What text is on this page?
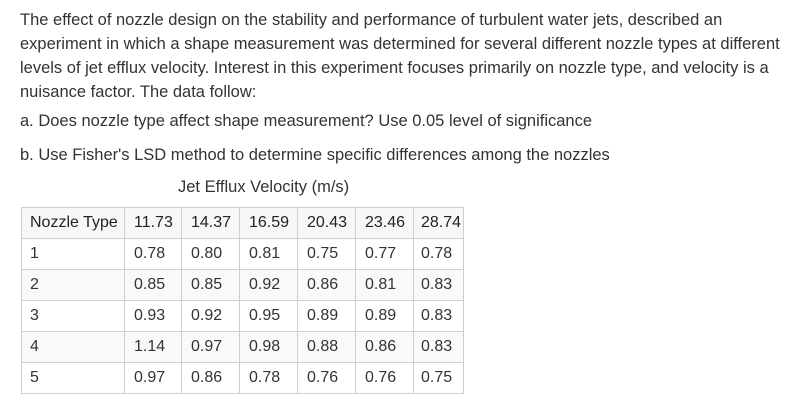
The effect of nozzle design on the stability and performance of turbulent water jets, described an experiment in which a shape measurement was determined for several different nozzle types at different levels of jet efflux velocity. Interest in this experiment focuses primarily on nozzle type, and velocity is a nuisance factor. The data follow:

a. Does nozzle type affect shape measurement? Use 0.05 level of significance

b. Use Fisher's LSD method to determine specific differences among the nozzles

Jet Efflux Velocity (m/s)

Nozzle Type	11.73	14.37	16.59	20.43	23.46	28.74
1	0.78	0.80	0.81	0.75	0.77	0.78
2	0.85	0.85	0.92	0.86	0.81	0.83
3	0.93	0.92	0.95	0.89	0.89	0.83
4	1.14	0.97	0.98	0.88	0.86	0.83
5	0.97	0.86	0.78	0.76	0.76	0.75
